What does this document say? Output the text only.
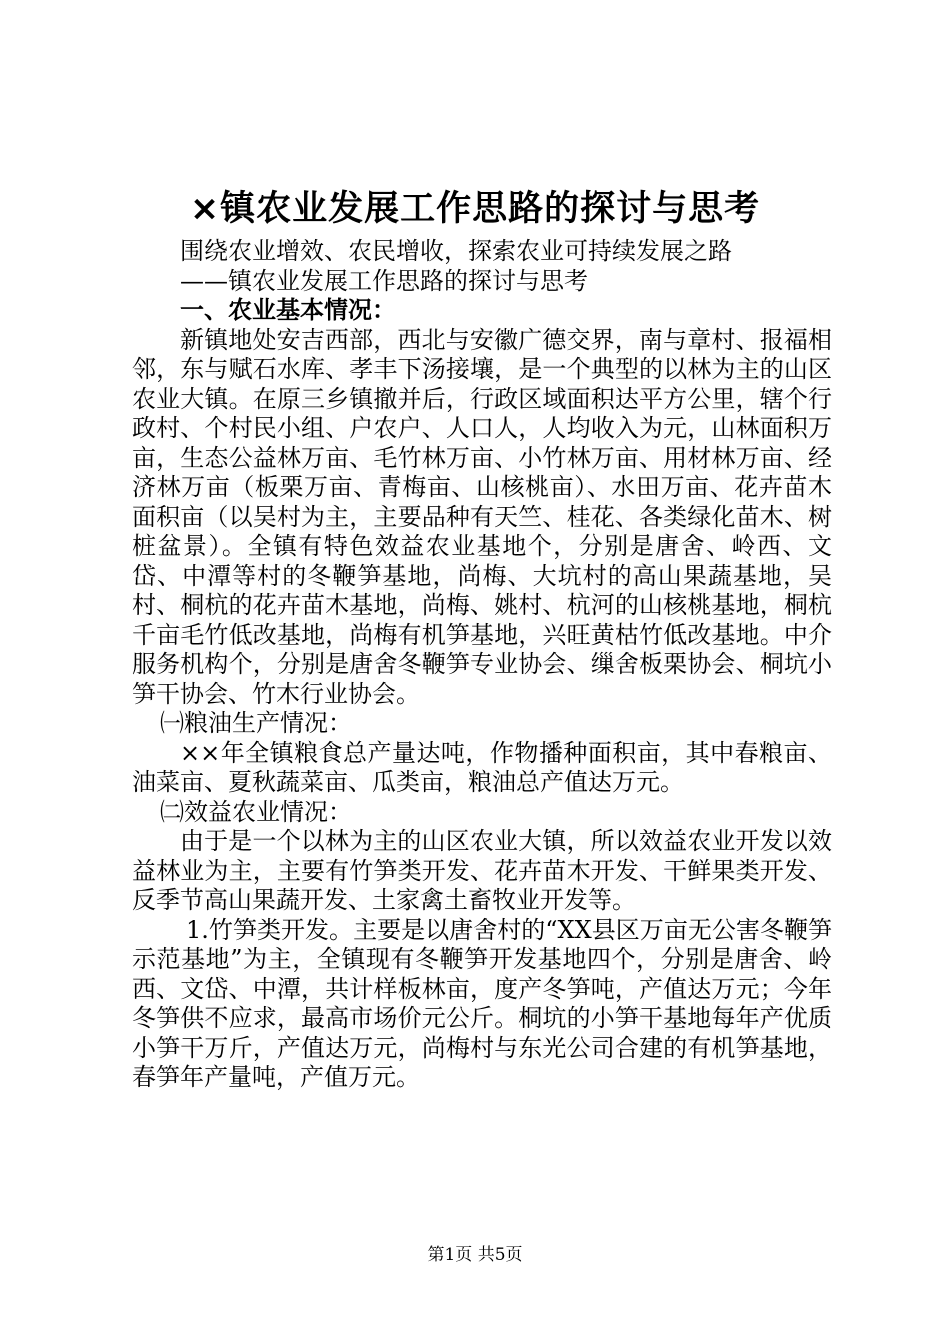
×镇农业发展工作思路的探讨与思考

围绕农业增效、农民增收，探索农业可持续发展之路

——镇农业发展工作思路的探讨与思考

一、农业基本情况：

新镇地处安吉西部，西北与安徽广德交界，南与章村、报福相邻，东与赋石水库、孝丰下汤接壤，是一个典型的以林为主的山区农业大镇。在原三乡镇撤并后，行政区域面积达平方公里，辖个行政村、个村民小组、户农户、人口人，人均收入为元，山林面积万亩，生态公益林万亩、毛竹林万亩、小竹林万亩、用材林万亩、经济林万亩（板栗万亩、青梅亩、山核桃亩）、水田万亩、花卉苗木面积亩（以吴村为主，主要品种有天竺、桂花、各类绿化苗木、树桩盆景）。全镇有特色效益农业基地个，分别是唐舍、岭西、文岱、中潭等村的冬鞭笋基地，尚梅、大坑村的高山果蔬基地，吴村、桐杭的花卉苗木基地，尚梅、姚村、杭河的山核桃基地，桐杭千亩毛竹低改基地，尚梅有机笋基地，兴旺黄枯竹低改基地。中介服务机构个，分别是唐舍冬鞭笋专业协会、缫舍板栗协会、桐坑小笋干协会、竹木行业协会。

㈠粮油生产情况：

××年全镇粮食总产量达吨，作物播种面积亩，其中春粮亩、油菜亩、夏秋蔬菜亩、瓜类亩，粮油总产值达万元。

㈡效益农业情况：

由于是一个以林为主的山区农业大镇，所以效益农业开发以效益林业为主，主要有竹笋类开发、花卉苗木开发、干鲜果类开发、反季节高山果蔬开发、土家禽土畜牧业开发等。

1.竹笋类开发。主要是以唐舍村的“XX县区万亩无公害冬鞭笋示范基地”为主，全镇现有冬鞭笋开发基地四个，分别是唐舍、岭西、文岱、中潭，共计样板林亩，度产冬笋吨，产值达万元；今年冬笋供不应求，最高市场价元公斤。桐坑的小笋干基地每年产优质小笋干万斤，产值达万元，尚梅村与东光公司合建的有机笋基地，春笋年产量吨，产值万元。

第1页 共5页
